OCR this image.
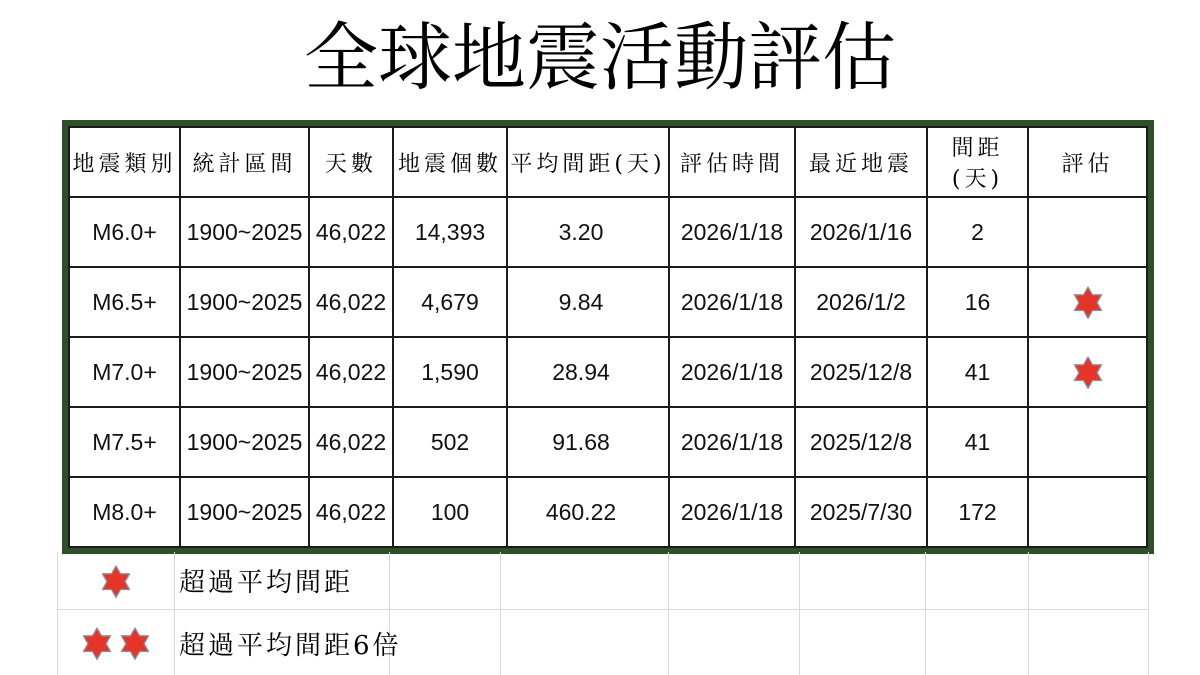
全球地震活動評估
地震類別	統計區間	天數	地震個數	平均間距(天)	評估時間	最近地震	間距(天)	評估
M6.0+	1900~2025	46,022	14,393	3.20	2026/1/18	2026/1/16	2	
M6.5+	1900~2025	46,022	4,679	9.84	2026/1/18	2026/1/2	16	
M7.0+	1900~2025	46,022	1,590	28.94	2026/1/18	2025/12/8	41	
M7.5+	1900~2025	46,022	502	91.68	2026/1/18	2025/12/8	41	
M8.0+	1900~2025	46,022	100	460.22	2026/1/18	2025/7/30	172	
超過平均間距
超過平均間距6倍
